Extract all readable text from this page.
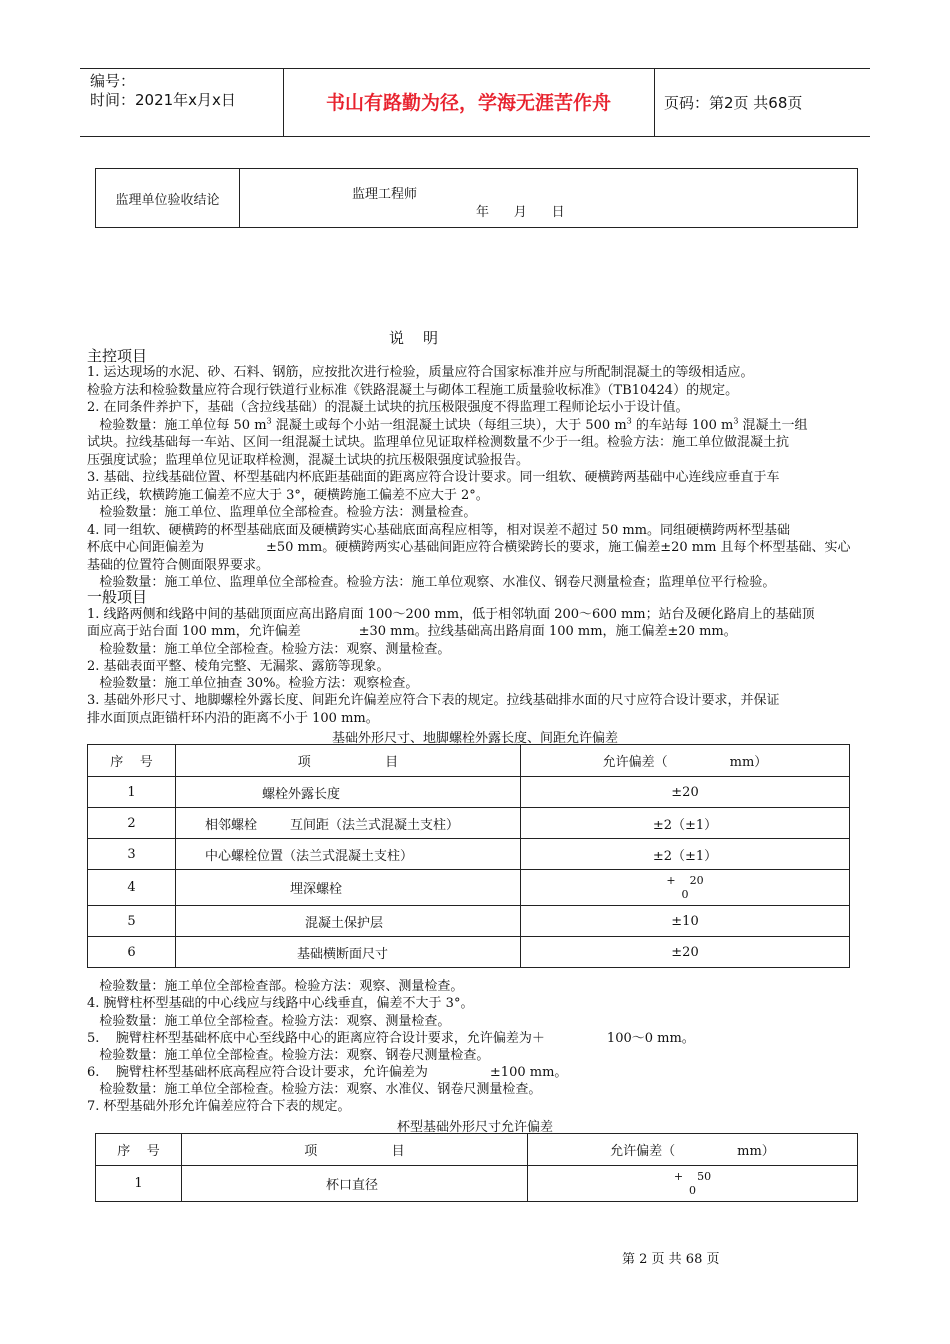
编号：
时间：2021年x月x日	书山有路勤为径，学海无涯苦作舟	页码：第2页 共68页
监理单位验收结论	监理工程师
年      月      日
说    明
主控项目
1. 运达现场的水泥、砂、石料、钢筋，应按批次进行检验，质量应符合国家标准并应与所配制混凝土的等级相适应。
检验方法和检验数量应符合现行铁道行业标准《铁路混凝土与砌体工程施工质量验收标准》（TB10424）的规定。
2. 在同条件养护下，基础（含拉线基础）的混凝土试块的抗压极限强度不得监理工程师论坛小于设计值。
检验数量：施工单位每 50 $m^3$ 混凝土或每个小站一组混凝土试块（每组三块），大于 500 $m^3$ 的车站每 100 $m^3$ 混凝土一组
试块。拉线基础每一车站、区间一组混凝土试块。监理单位见证取样检测数量不少于一组。检验方法：施工单位做混凝土抗
压强度试验；监理单位见证取样检测，混凝土试块的抗压极限强度试验报告。
3. 基础、拉线基础位置、杯型基础内杯底距基础面的距离应符合设计要求。同一组软、硬横跨两基础中心连线应垂直于车
站正线，软横跨施工偏差不应大于 3°，硬横跨施工偏差不应大于 2°。
检验数量：施工单位、监理单位全部检查。检验方法：测量检查。
4. 同一组软、硬横跨的杯型基础底面及硬横跨实心基础底面高程应相等，相对误差不超过 50 mm。同组硬横跨两杯型基础
杯底中心间距偏差为               ±50 mm。硬横跨两实心基础间距应符合横梁跨长的要求，施工偏差±20 mm 且每个杯型基础、实心
基础的位置符合侧面限界要求。
检验数量：施工单位、监理单位全部检查。检验方法：施工单位观察、水准仪、钢卷尺测量检查；监理单位平行检验。
一般项目
1. 线路两侧和线路中间的基础顶面应高出路肩面 100～200 mm，低于相邻轨面 200～600 mm；站台及硬化路肩上的基础顶
面应高于站台面 100 mm，允许偏差              ±30 mm。拉线基础高出路肩面 100 mm，施工偏差±20 mm。
检验数量：施工单位全部检查。检验方法：观察、测量检查。
2. 基础表面平整、棱角完整、无漏浆、露筋等现象。
检验数量：施工单位抽查 30%。检验方法：观察检查。
3. 基础外形尺寸、地脚螺栓外露长度、间距允许偏差应符合下表的规定。拉线基础排水面的尺寸应符合设计要求，并保证
排水面顶点距锚杆环内沿的距离不小于 100 mm。
基础外形尺寸、地脚螺栓外露长度、间距允许偏差
序    号	项                  目	允许偏差（               mm）
1	螺栓外露长度	±20
2	相邻螺栓        互间距（法兰式混凝土支柱）	±2（±1）
3	中心螺栓位置（法兰式混凝土支柱）	±2（±1）
4	埋深螺栓	+    20
0

5	混凝土保护层	±10
6	基础横断面尺寸	±20
检验数量：施工单位全部检查部。检验方法：观察、测量检查。
4. 腕臂柱杯型基础的中心线应与线路中心线垂直，偏差不大于 3°。
检验数量：施工单位全部检查。检验方法：观察、测量检查。
5.    腕臂柱杯型基础杯底中心至线路中心的距离应符合设计要求，允许偏差为＋               100～0 mm。
检验数量：施工单位全部检查。检验方法：观察、钢卷尺测量检查。
6.    腕臂柱杯型基础杯底高程应符合设计要求，允许偏差为               ±100 mm。
检验数量：施工单位全部检查。检验方法：观察、水准仪、钢卷尺测量检查。
7. 杯型基础外形允许偏差应符合下表的规定。
杯型基础外形尺寸允许偏差
序    号	项                  目	允许偏差（               mm）
1	杯口直径	+    50
0
第 2 页 共 68 页
